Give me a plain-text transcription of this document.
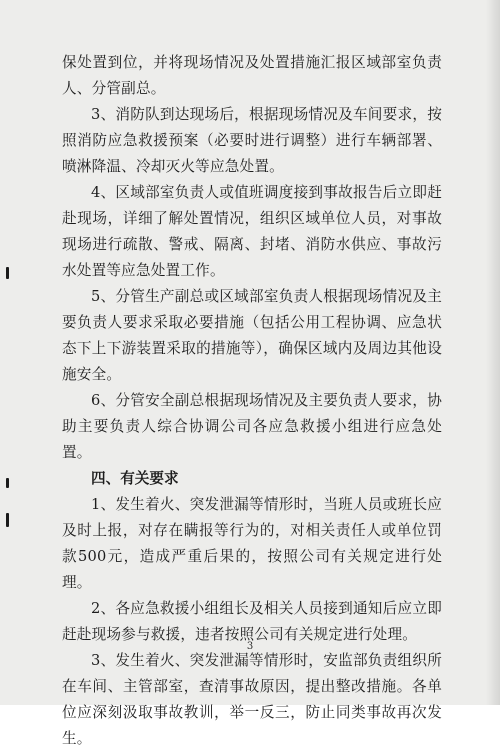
保处置到位，并将现场情况及处置措施汇报区域部室负责人、分管副总。

3、消防队到达现场后，根据现场情况及车间要求，按照消防应急救援预案（必要时进行调整）进行车辆部署、喷淋降温、冷却灭火等应急处置。

4、区域部室负责人或值班调度接到事故报告后立即赶赴现场，详细了解处置情况，组织区域单位人员，对事故现场进行疏散、警戒、隔离、封堵、消防水供应、事故污水处置等应急处置工作。

5、分管生产副总或区域部室负责人根据现场情况及主要负责人要求采取必要措施（包括公用工程协调、应急状态下上下游装置采取的措施等），确保区域内及周边其他设施安全。

6、分管安全副总根据现场情况及主要负责人要求，协助主要负责人综合协调公司各应急救援小组进行应急处置。

四、有关要求

1、发生着火、突发泄漏等情形时，当班人员或班长应及时上报，对存在瞒报等行为的，对相关责任人或单位罚款500元，造成严重后果的，按照公司有关规定进行处理。

2、各应急救援小组组长及相关人员接到通知后应立即赶赴现场参与救援，违者按照公司有关规定进行处理。

3、发生着火、突发泄漏等情形时，安监部负责组织所在车间、主管部室，查清事故原因，提出整改措施。各单位应深刻汲取事故教训，举一反三，防止同类事故再次发生。

3
